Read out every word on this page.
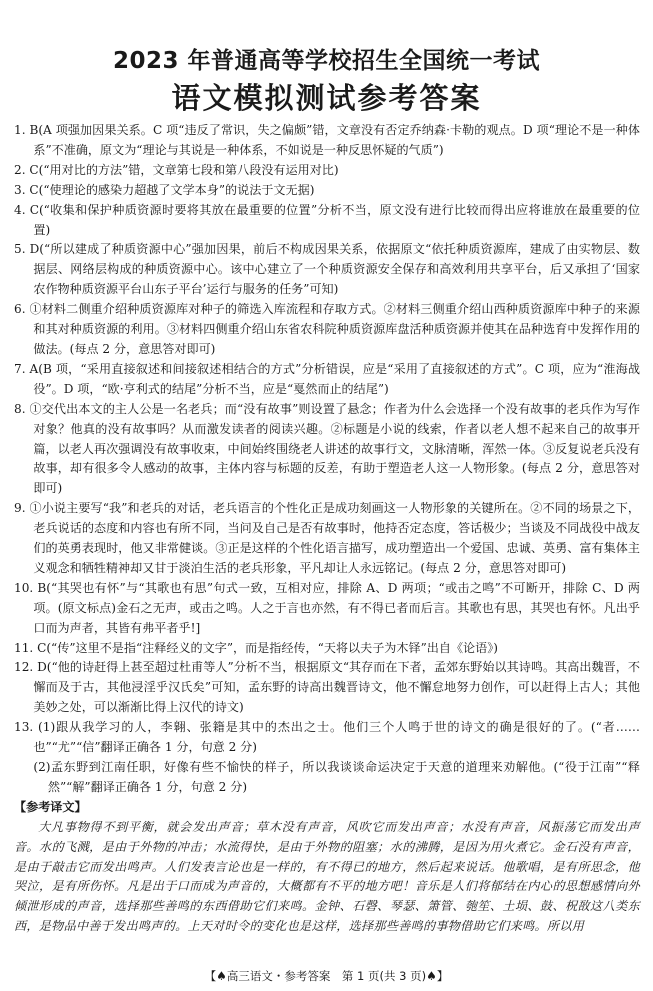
2023 年普通高等学校招生全国统一考试
语文模拟测试参考答案

1. B(A 项强加因果关系。C 项“违反了常识，失之偏颇”错，文章没有否定乔纳森·卡勒的观点。D 项“理论不是一种体系”不准确，原文为“理论与其说是一种体系，不如说是一种反思怀疑的气质”)

2. C(“用对比的方法”错，文章第七段和第八段没有运用对比)

3. C(“使理论的感染力超越了文学本身”的说法于文无据)

4. C(“收集和保护种质资源时要将其放在最重要的位置”分析不当，原文没有进行比较而得出应将谁放在最重要的位置)

5. D(“所以建成了种质资源中心”强加因果，前后不构成因果关系，依据原文“依托种质资源库，建成了由实物层、数据层、网络层构成的种质资源中心。该中心建立了一个种质资源安全保存和高效利用共享平台，后又承担了‘国家农作物种质资源平台山东子平台’运行与服务的任务”可知)

6. ①材料二侧重介绍种质资源库对种子的筛选入库流程和存取方式。②材料三侧重介绍山西种质资源库中种子的来源和其对种质资源的利用。③材料四侧重介绍山东省农科院种质资源库盘活种质资源并使其在品种选育中发挥作用的做法。(每点 2 分，意思答对即可)

7. A(B 项，“采用直接叙述和间接叙述相结合的方式”分析错误，应是“采用了直接叙述的方式”。C 项，应为“淮海战役”。D 项，“欧·亨利式的结尾”分析不当，应是“戛然而止的结尾”)

8. ①交代出本文的主人公是一名老兵；而“没有故事”则设置了悬念；作者为什么会选择一个没有故事的老兵作为写作对象？他真的没有故事吗？从而激发读者的阅读兴趣。②标题是小说的线索，作者以老人想不起来自己的故事开篇，以老人再次强调没有故事收束，中间始终围绕老人讲述的故事行文，文脉清晰，浑然一体。③反复说老兵没有故事，却有很多令人感动的故事，主体内容与标题的反差，有助于塑造老人这一人物形象。(每点 2 分，意思答对即可)

9. ①小说主要写“我”和老兵的对话，老兵语言的个性化正是成功刻画这一人物形象的关键所在。②不同的场景之下，老兵说话的态度和内容也有所不同，当问及自己是否有故事时，他持否定态度，答话极少；当谈及不同战役中战友们的英勇表现时，他又非常健谈。③正是这样的个性化语言描写，成功塑造出一个爱国、忠诚、英勇、富有集体主义观念和牺牲精神却又甘于淡泊生活的老兵形象，平凡却让人永远铭记。(每点 2 分，意思答对即可)

10. B(“其哭也有怀”与“其歌也有思”句式一致，互相对应，排除 A、D 两项；“或击之鸣”不可断开，排除 C、D 两项。(原文标点)金石之无声，或击之鸣。人之于言也亦然，有不得已者而后言。其歌也有思，其哭也有怀。凡出乎口而为声者，其皆有弗平者乎!]

11. C(“传”这里不是指“注释经义的文字”，而是指经传，“天将以夫子为木铎”出自《论语》)

12. D(“他的诗赶得上甚至超过杜甫等人”分析不当，根据原文“其存而在下者，孟郊东野始以其诗鸣。其高出魏晋，不懈而及于古，其他浸淫乎汉氏矣”可知，孟东野的诗高出魏晋诗文，他不懈怠地努力创作，可以赶得上古人；其他美妙之处，可以渐渐比得上汉代的诗文)

13. (1)跟从我学习的人，李翱、张籍是其中的杰出之士。他们三个人鸣于世的诗文的确是很好的了。(“者……也”“尤”“信”翻译正确各 1 分，句意 2 分)

(2)孟东野到江南任职，好像有些不愉快的样子，所以我谈谈命运决定于天意的道理来劝解他。(“役于江南”“释然”“解”翻译正确各 1 分，句意 2 分)

【参考译文】

大凡事物得不到平衡，就会发出声音；草木没有声音，风吹它而发出声音；水没有声音，风振荡它而发出声音。水的飞溅，是由于外物的冲击；水流得快，是由于外物的阻塞；水的沸腾，是因为用火煮它。金石没有声音，是由于敲击它而发出鸣声。人们发表言论也是一样的，有不得已的地方，然后起来说话。他歌唱，是有所思念，他哭泣，是有所伤怀。凡是出于口而成为声音的，大概都有不平的地方吧！音乐是人们将郁结在内心的思想感情向外倾泄形成的声音，选择那些善鸣的东西借助它们来鸣。金钟、石磬、琴瑟、箫管、匏笙、土埙、鼓、柷敔这八类东西，是物品中善于发出鸣声的。上天对时令的变化也是这样，选择那些善鸣的事物借助它们来鸣。所以用

【♠高三语文・参考答案　第 1 页(共 3 页)♠】
